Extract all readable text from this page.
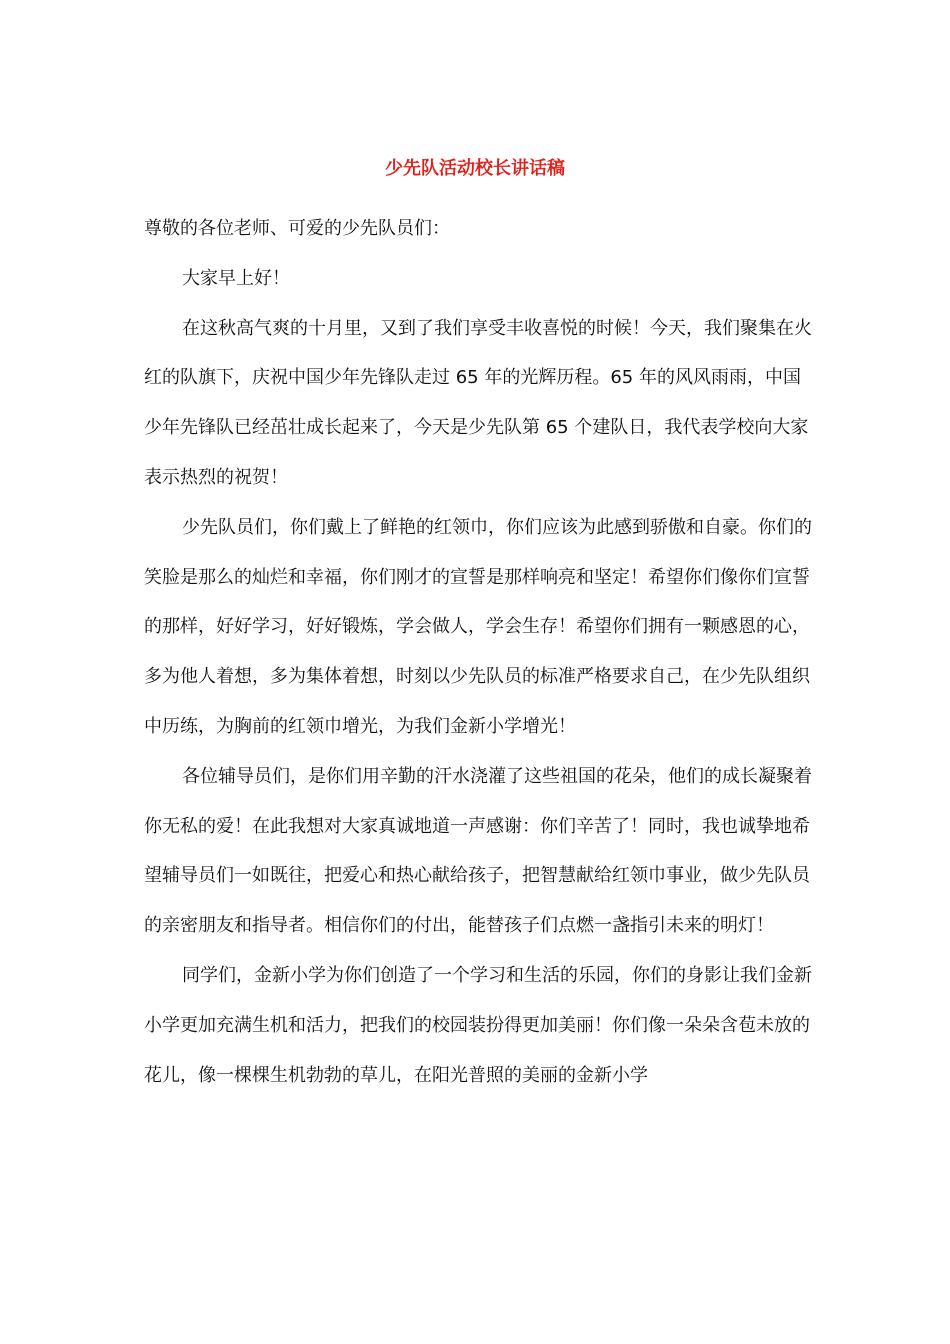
少先队活动校长讲话稿

尊敬的各位老师、可爱的少先队员们：

大家早上好！

在这秋高气爽的十月里，又到了我们享受丰收喜悦的时候！今天，我们聚集在火红的队旗下，庆祝中国少年先锋队走过 65 年的光辉历程。65 年的风风雨雨，中国少年先锋队已经茁壮成长起来了，今天是少先队第 65 个建队日，我代表学校向大家表示热烈的祝贺！

少先队员们，你们戴上了鲜艳的红领巾，你们应该为此感到骄傲和自豪。你们的笑脸是那么的灿烂和幸福，你们刚才的宣誓是那样响亮和坚定！希望你们像你们宣誓的那样，好好学习，好好锻炼，学会做人，学会生存！希望你们拥有一颗感恩的心，多为他人着想，多为集体着想，时刻以少先队员的标准严格要求自己，在少先队组织中历练，为胸前的红领巾增光，为我们金新小学增光！

各位辅导员们，是你们用辛勤的汗水浇灌了这些祖国的花朵，他们的成长凝聚着你无私的爱！在此我想对大家真诚地道一声感谢：你们辛苦了！同时，我也诚挚地希望辅导员们一如既往，把爱心和热心献给孩子，把智慧献给红领巾事业，做少先队员的亲密朋友和指导者。相信你们的付出，能替孩子们点燃一盏指引未来的明灯！

同学们，金新小学为你们创造了一个学习和生活的乐园，你们的身影让我们金新小学更加充满生机和活力，把我们的校园装扮得更加美丽！你们像一朵朵含苞未放的花儿，像一棵棵生机勃勃的草儿，在阳光普照的美丽的金新小学
